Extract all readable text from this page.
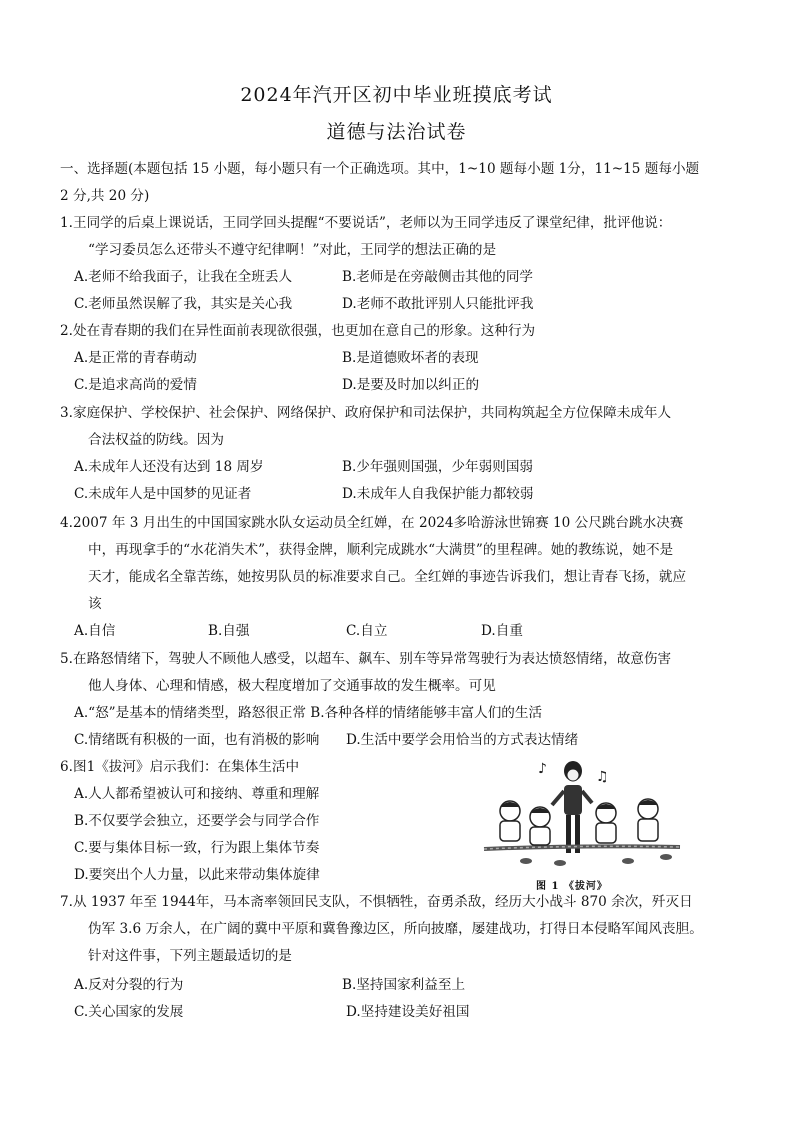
2024年汽开区初中毕业班摸底考试
道德与法治试卷
一、选择题(本题包括 15 小题，每小题只有一个正确选项。其中，1~10 题每小题 1分，11~15 题每小题
2 分,共 20 分)
1.王同学的后桌上课说话，王同学回头提醒“不要说话”，老师以为王同学违反了课堂纪律，批评他说：
“学习委员怎么还带头不遵守纪律啊！”对此，王同学的想法正确的是
A.老师不给我面子，让我在全班丢人	B.老师是在旁敲侧击其他的同学
C.老师虽然误解了我，其实是关心我	D.老师不敢批评别人只能批评我
2.处在青春期的我们在异性面前表现欲很强，也更加在意自己的形象。这种行为
A.是正常的青春萌动	B.是道德败坏者的表现
C.是追求高尚的爱情	D.是要及时加以纠正的
3.家庭保护、学校保护、社会保护、网络保护、政府保护和司法保护，共同构筑起全方位保障未成年人
合法权益的防线。因为
A.未成年人还没有达到 18 周岁	B.少年强则国强，少年弱则国弱
C.未成年人是中国梦的见证者	D.未成年人自我保护能力都较弱
4.2007 年 3 月出生的中国国家跳水队女运动员全红婵，在 2024多哈游泳世锦赛 10 公尺跳台跳水决赛
中，再现拿手的“水花消失术”，获得金牌，顺利完成跳水“大满贯”的里程碑。她的教练说，她不是
天才，能成名全靠苦练，她按男队员的标准要求自己。全红婵的事迹告诉我们，想让青春飞扬，就应
该
A.自信	B.自强	C.自立	D.自重
5.在路怒情绪下，驾驶人不顾他人感受，以超车、飙车、别车等异常驾驶行为表达愤怒情绪，故意伤害
他人身体、心理和情感，极大程度增加了交通事故的发生概率。可见
A.“怒”是基本的情绪类型，路怒很正常 B.各种各样的情绪能够丰富人们的生活
C.情绪既有积极的一面，也有消极的影响 D.生活中要学会用恰当的方式表达情绪
6.图1《拔河》启示我们：在集体生活中
A.人人都希望被认可和接纳、尊重和理解
B.不仅要学会独立，还要学会与同学合作
C.要与集体目标一致，行为跟上集体节奏
D.要突出个人力量，以此来带动集体旋律
♪	♫
图 1 《拔河》
7.从 1937 年至 1944年，马本斋率领回民支队，不惧牺牲，奋勇杀敌，经历大小战斗 870 余次，歼灭日
伪军 3.6 万余人，在广阔的冀中平原和冀鲁豫边区，所向披靡，屡建战功，打得日本侵略军闻风丧胆。
针对这件事，下列主题最适切的是
A.反对分裂的行为	B.坚持国家利益至上
C.关心国家的发展	D.坚持建设美好祖国
